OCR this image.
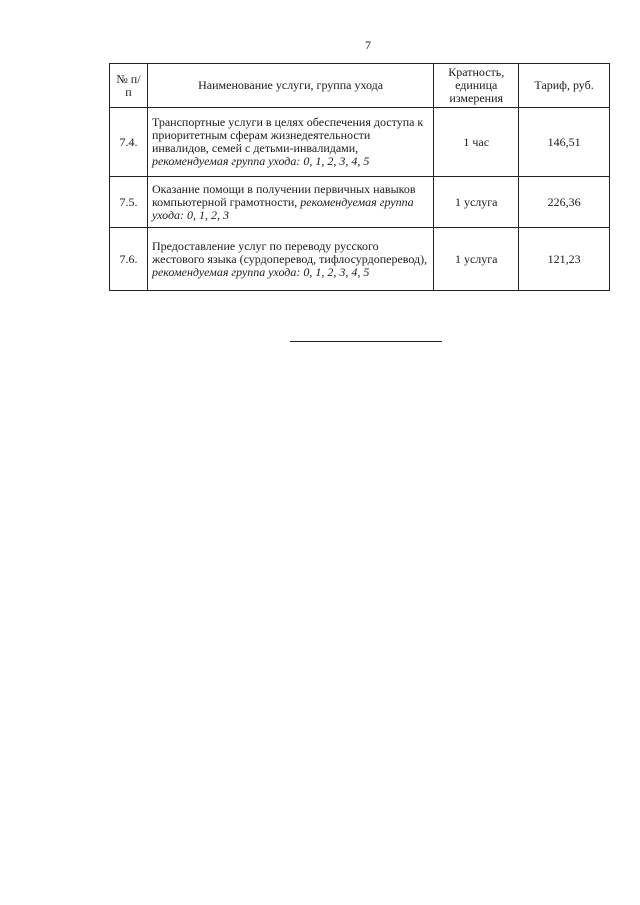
7
№ п/п	Наименование услуги, группа ухода	Кратность, единица измерения	Тариф, руб.
7.4.	Транспортные услуги в целях обеспечения доступа к приоритетным сферам жизнедеятельности инвалидов, семей с детьми-инвалидами, рекомендуемая группа ухода: 0, 1, 2, 3, 4, 5	1 час	146,51
7.5.	Оказание помощи в получении первичных навыков компьютерной грамотности, рекомендуемая группа ухода: 0, 1, 2, 3	1 услуга	226,36
7.6.	Предоставление услуг по переводу русского жестового языка (сурдоперевод, тифлосурдоперевод), рекомендуемая группа ухода: 0, 1, 2, 3, 4, 5	1 услуга	121,23
